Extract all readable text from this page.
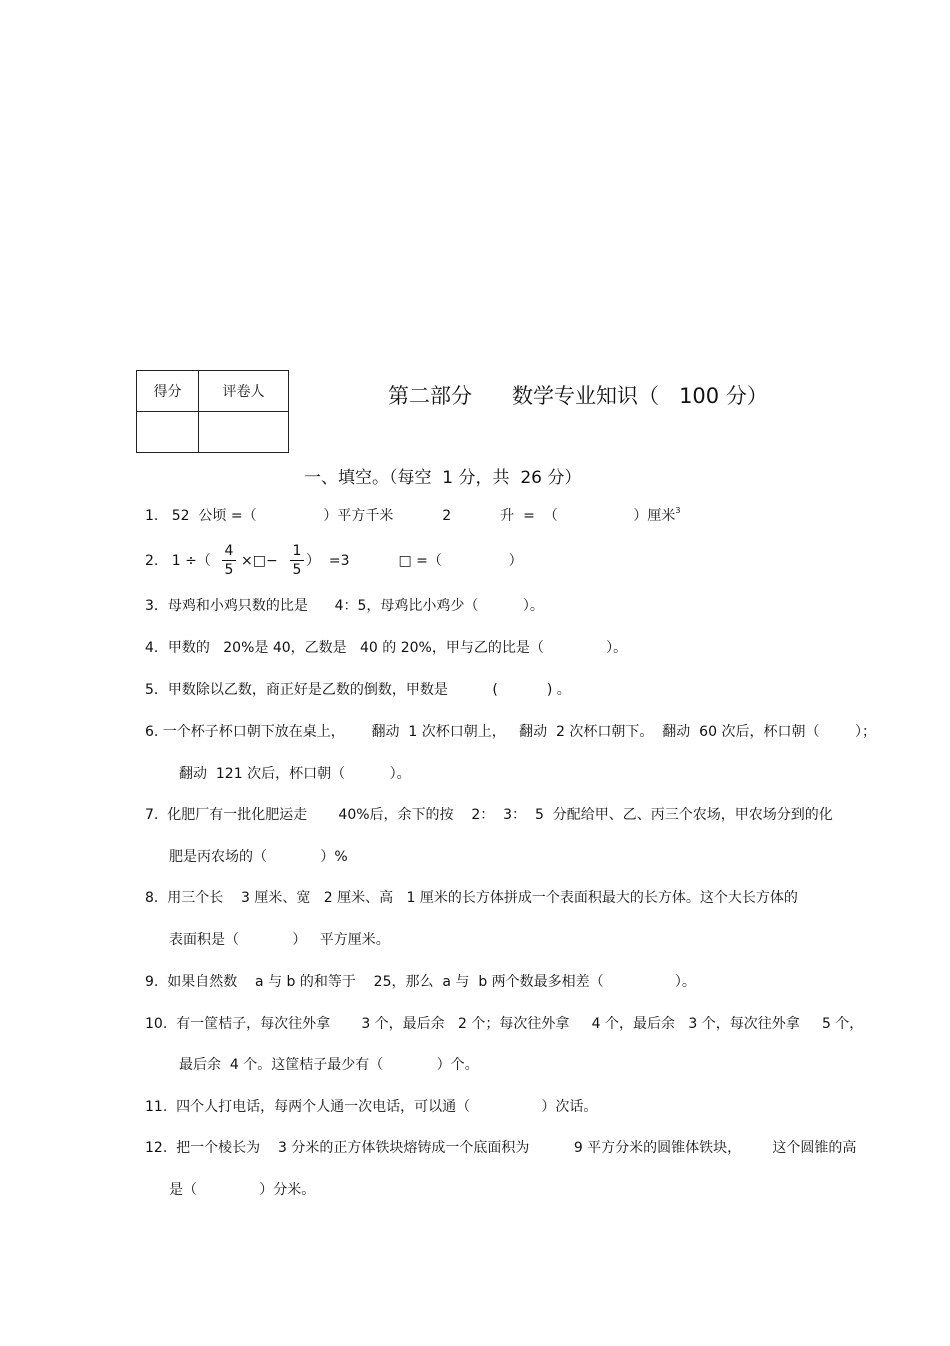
得分	评卷人
		第二部分      数学专业知识（   100 分）
一、填空。（每空  1 分，共  26 分）
1.   52  公顷 =（               ）平方千米           2           升  =  （                 ）厘米$^3$
2.   1 ÷（ $\frac{4}{5}$ ×□− $\frac{1}{5}$ ）  =3           □ =（               ）
3．母鸡和小鸡只数的比是      4：5，母鸡比小鸡少（          ）。
4．甲数的   20%是 40，乙数是   40 的 20%，甲与乙的比是（              ）。
5．甲数除以乙数，商正好是乙数的倒数，甲数是          (           ) 。
6. 一个杯子杯口朝下放在桌上，      翻动  1 次杯口朝上，   翻动  2 次杯口朝下。  翻动  60 次后，杯口朝（        ）；
翻动  121 次后，杯口朝（          ）。
7.  化肥厂有一批化肥运走       40%后，余下的按    2：  3：  5  分配给甲、乙、丙三个农场，甲农场分到的化
肥是丙农场的（            ）%
8.  用三个长    3 厘米、宽   2 厘米、高   1 厘米的长方体拼成一个表面积最大的长方体。这个大长方体的
表面积是（            ）   平方厘米。
9.  如果自然数    a 与 b 的和等于    25，那么  a 与  b 两个数最多相差（                ）。
10.  有一筐桔子，每次往外拿       3 个，最后余   2 个；每次往外拿     4 个，最后余   3 个，每次往外拿     5 个，
最后余  4 个。这筐桔子最少有（            ）个。
11.  四个人打电话，每两个人通一次电话，可以通（                ）次话。
12.  把一个棱长为    3 分米的正方体铁块熔铸成一个底面积为          9 平方分米的圆锥体铁块，       这个圆锥的高
是（              ）分米。
